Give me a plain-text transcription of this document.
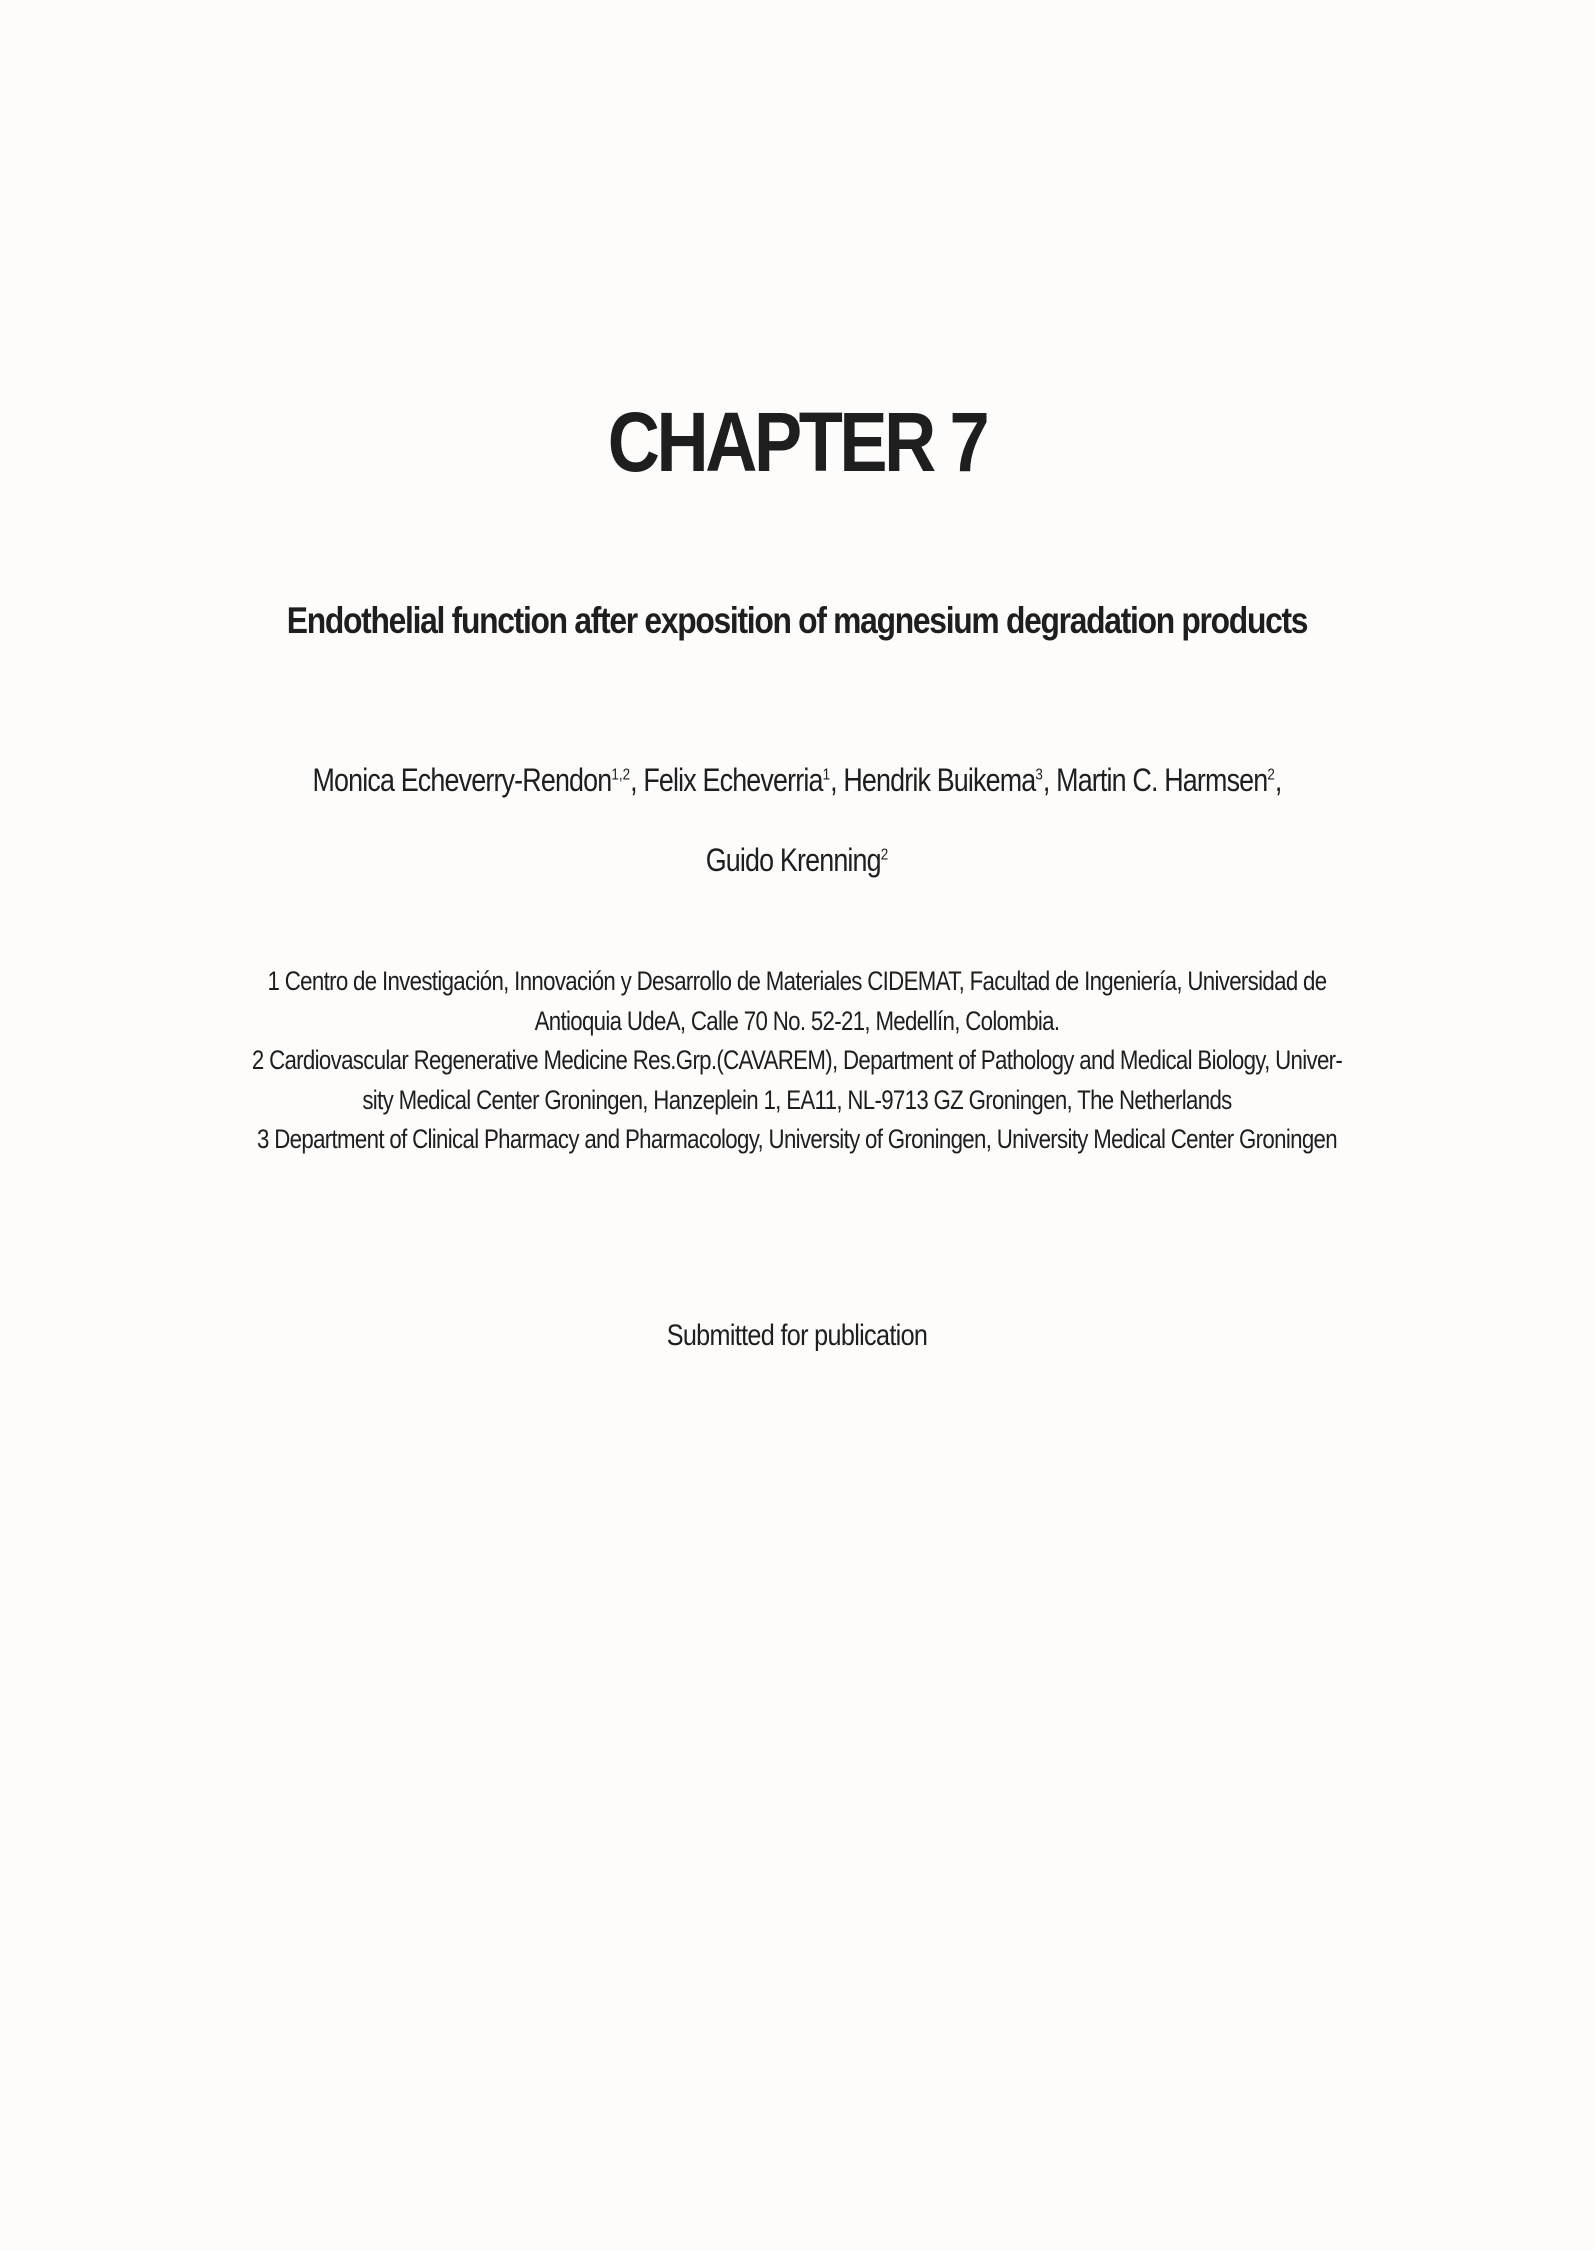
CHAPTER 7
Endothelial function after exposition of magnesium degradation products
Monica Echeverry-Rendon$^{1,2}$, Felix Echeverria$^1$, Hendrik Buikema$^3$, Martin C. Harmsen$^2$,
Guido Krenning$^2$
1 Centro de Investigación, Innovación y Desarrollo de Materiales CIDEMAT, Facultad de Ingeniería, Universidad de
Antioquia UdeA, Calle 70 No. 52-21, Medellín, Colombia.
2 Cardiovascular Regenerative Medicine Res.Grp.(CAVAREM), Department of Pathology and Medical Biology, Univer-
sity Medical Center Groningen, Hanzeplein 1, EA11, NL-9713 GZ Groningen, The Netherlands
3 Department of Clinical Pharmacy and Pharmacology, University of Groningen, University Medical Center Groningen
Submitted for publication
